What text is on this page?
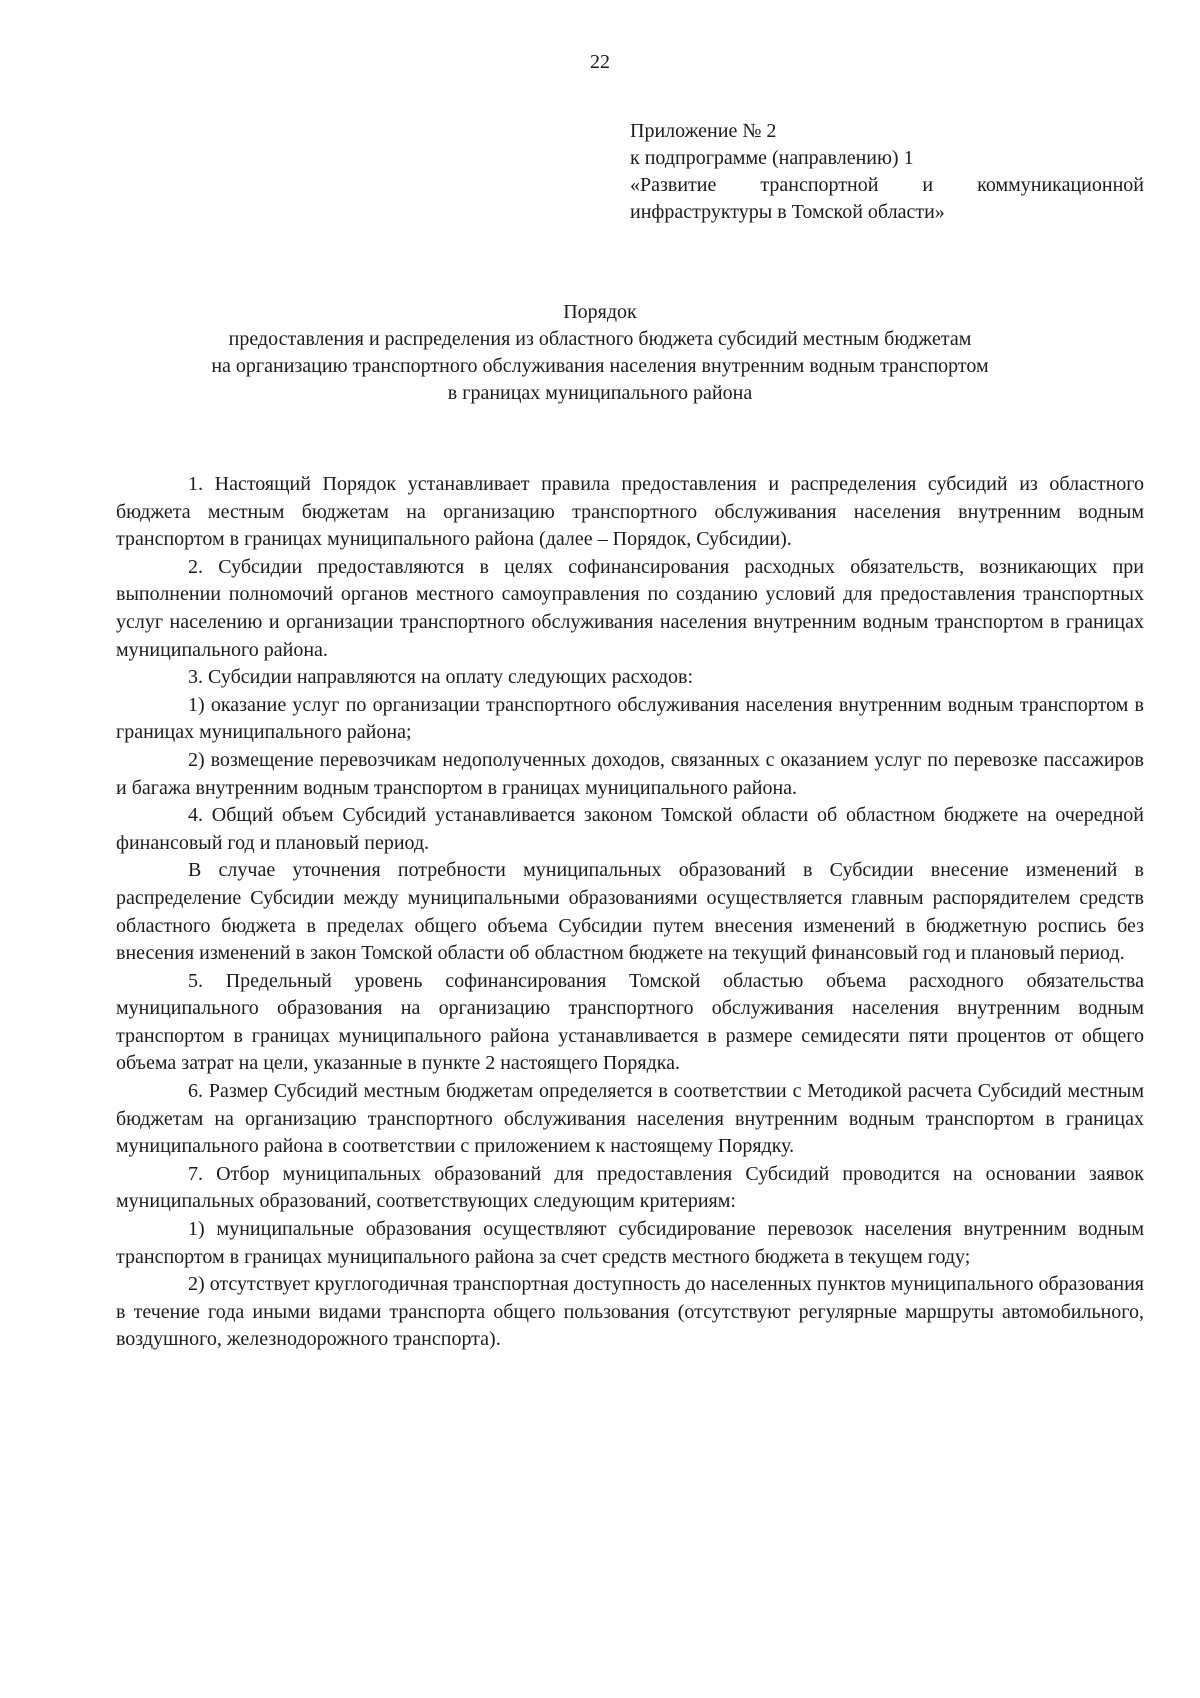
22
Приложение № 2
к подпрограмме (направлению) 1
«Развитие транспортной и коммуникационной
инфраструктуры в Томской области»
Порядок
предоставления и распределения из областного бюджета субсидий местным бюджетам
на организацию транспортного обслуживания населения внутренним водным транспортом
в границах муниципального района

1. Настоящий Порядок устанавливает правила предоставления и распределения субсидий из областного бюджета местным бюджетам на организацию транспортного обслуживания населения внутренним водным транспортом в границах муниципального района (далее – Порядок, Субсидии).

2. Субсидии предоставляются в целях софинансирования расходных обязательств, возникающих при выполнении полномочий органов местного самоуправления по созданию условий для предоставления транспортных услуг населению и организации транспортного обслуживания населения внутренним водным транспортом в границах муниципального района.

3. Субсидии направляются на оплату следующих расходов:

1) оказание услуг по организации транспортного обслуживания населения внутренним водным транспортом в границах муниципального района;

2) возмещение перевозчикам недополученных доходов, связанных с оказанием услуг по перевозке пассажиров и багажа внутренним водным транспортом в границах муниципального района.

4. Общий объем Субсидий устанавливается законом Томской области об областном бюджете на очередной финансовый год и плановый период.

В случае уточнения потребности муниципальных образований в Субсидии внесение изменений в распределение Субсидии между муниципальными образованиями осуществляется главным распорядителем средств областного бюджета в пределах общего объема Субсидии путем внесения изменений в бюджетную роспись без внесения изменений в закон Томской области об областном бюджете на текущий финансовый год и плановый период.

5. Предельный уровень софинансирования Томской областью объема расходного обязательства муниципального образования на организацию транспортного обслуживания населения внутренним водным транспортом в границах муниципального района устанавливается в размере семидесяти пяти процентов от общего объема затрат на цели, указанные в пункте 2 настоящего Порядка.

6. Размер Субсидий местным бюджетам определяется в соответствии с Методикой расчета Субсидий местным бюджетам на организацию транспортного обслуживания населения внутренним водным транспортом в границах муниципального района в соответствии с приложением к настоящему Порядку.

7. Отбор муниципальных образований для предоставления Субсидий проводится на основании заявок муниципальных образований, соответствующих следующим критериям:

1) муниципальные образования осуществляют субсидирование перевозок населения внутренним водным транспортом в границах муниципального района за счет средств местного бюджета в текущем году;

2) отсутствует круглогодичная транспортная доступность до населенных пунктов муниципального образования в течение года иными видами транспорта общего пользования (отсутствуют регулярные маршруты автомобильного, воздушного, железнодорожного транспорта).
